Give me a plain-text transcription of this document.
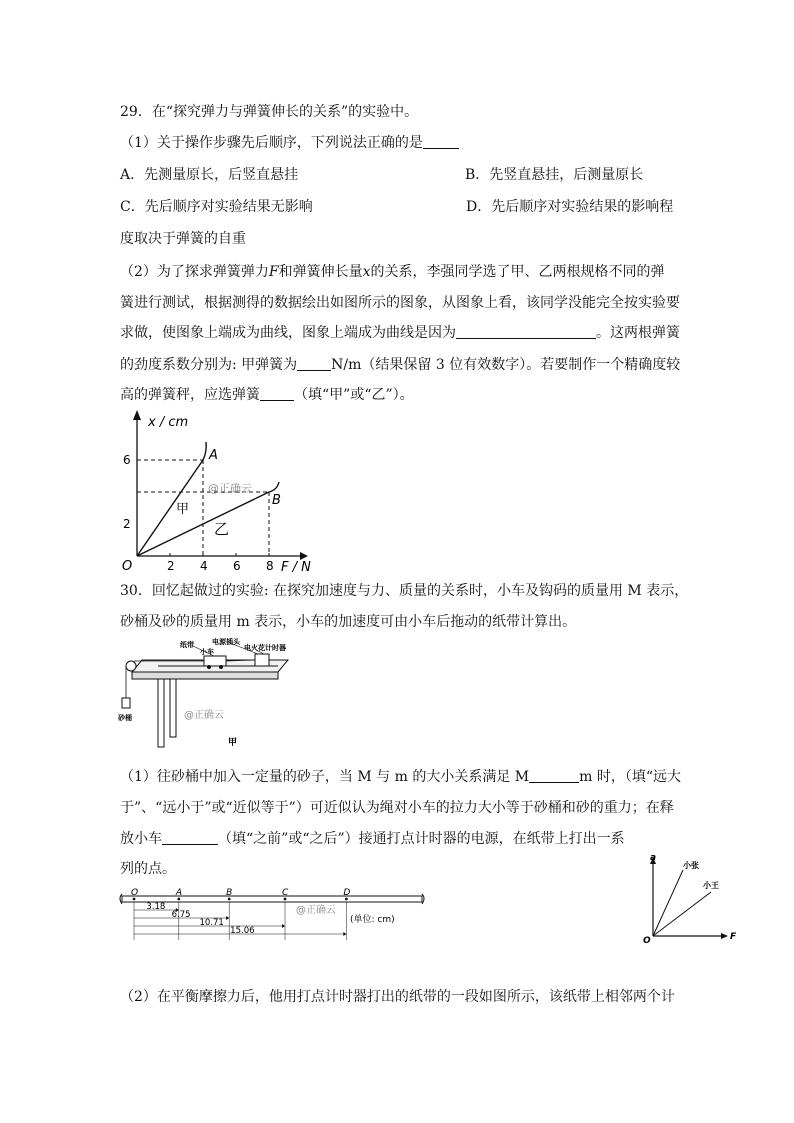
29．在“探究弹力与弹簧伸长的关系”的实验中。
（1）关于操作步骤先后顺序，下列说法正确的是
A．先测量原长，后竖直悬挂	B．先竖直悬挂，后测量原长
C．先后顺序对实验结果无影响	D．先后顺序对实验结果的影响程
度取决于弹簧的自重
（2）为了探求弹簧弹力F和弹簧伸长量x的关系，李强同学选了甲、乙两根规格不同的弹
簧进行测试，根据测得的数据绘出如图所示的图象，从图象上看，该同学没能完全按实验要
求做，使图象上端成为曲线，图象上端成为曲线是因为	。这两根弹簧
的劲度系数分别为: 甲弹簧为 N/m（结果保留 3 位有效数字）。若要制作一个精确度较
高的弹簧秤，应选弹簧 （填“甲”或“乙”）。
2 4 6 8
2
6
x / cm
F / N
O
A
B
甲
乙
@正确云
30．回忆起做过的实验: 在探究加速度与力、质量的关系时，小车及钩码的质量用 M 表示，
砂桶及砂的质量用 m 表示，小车的加速度可由小车后拖动的纸带计算出。
纸带	电源插头
小车	电火花计时器
砂桶	@正确云
甲
（1）往砂桶中加入一定量的砂子，当 M 与 m 的大小关系满足 M	m 时，（填“远大
于”、“远小于”或“近似等于”）可近似认为绳对小车的拉力大小等于砂桶和砂的重力；在释
放小车	（填“之前”或“之后”）接通打点计时器的电源，在纸带上打出一系
列的点。
O	A	B	C	D
3.18
6.75
10.71
15.06
(单位: cm)
@正确云
a
F
O
小张
小王
（2）在平衡摩擦力后，他用打点计时器打出的纸带的一段如图所示，该纸带上相邻两个计
